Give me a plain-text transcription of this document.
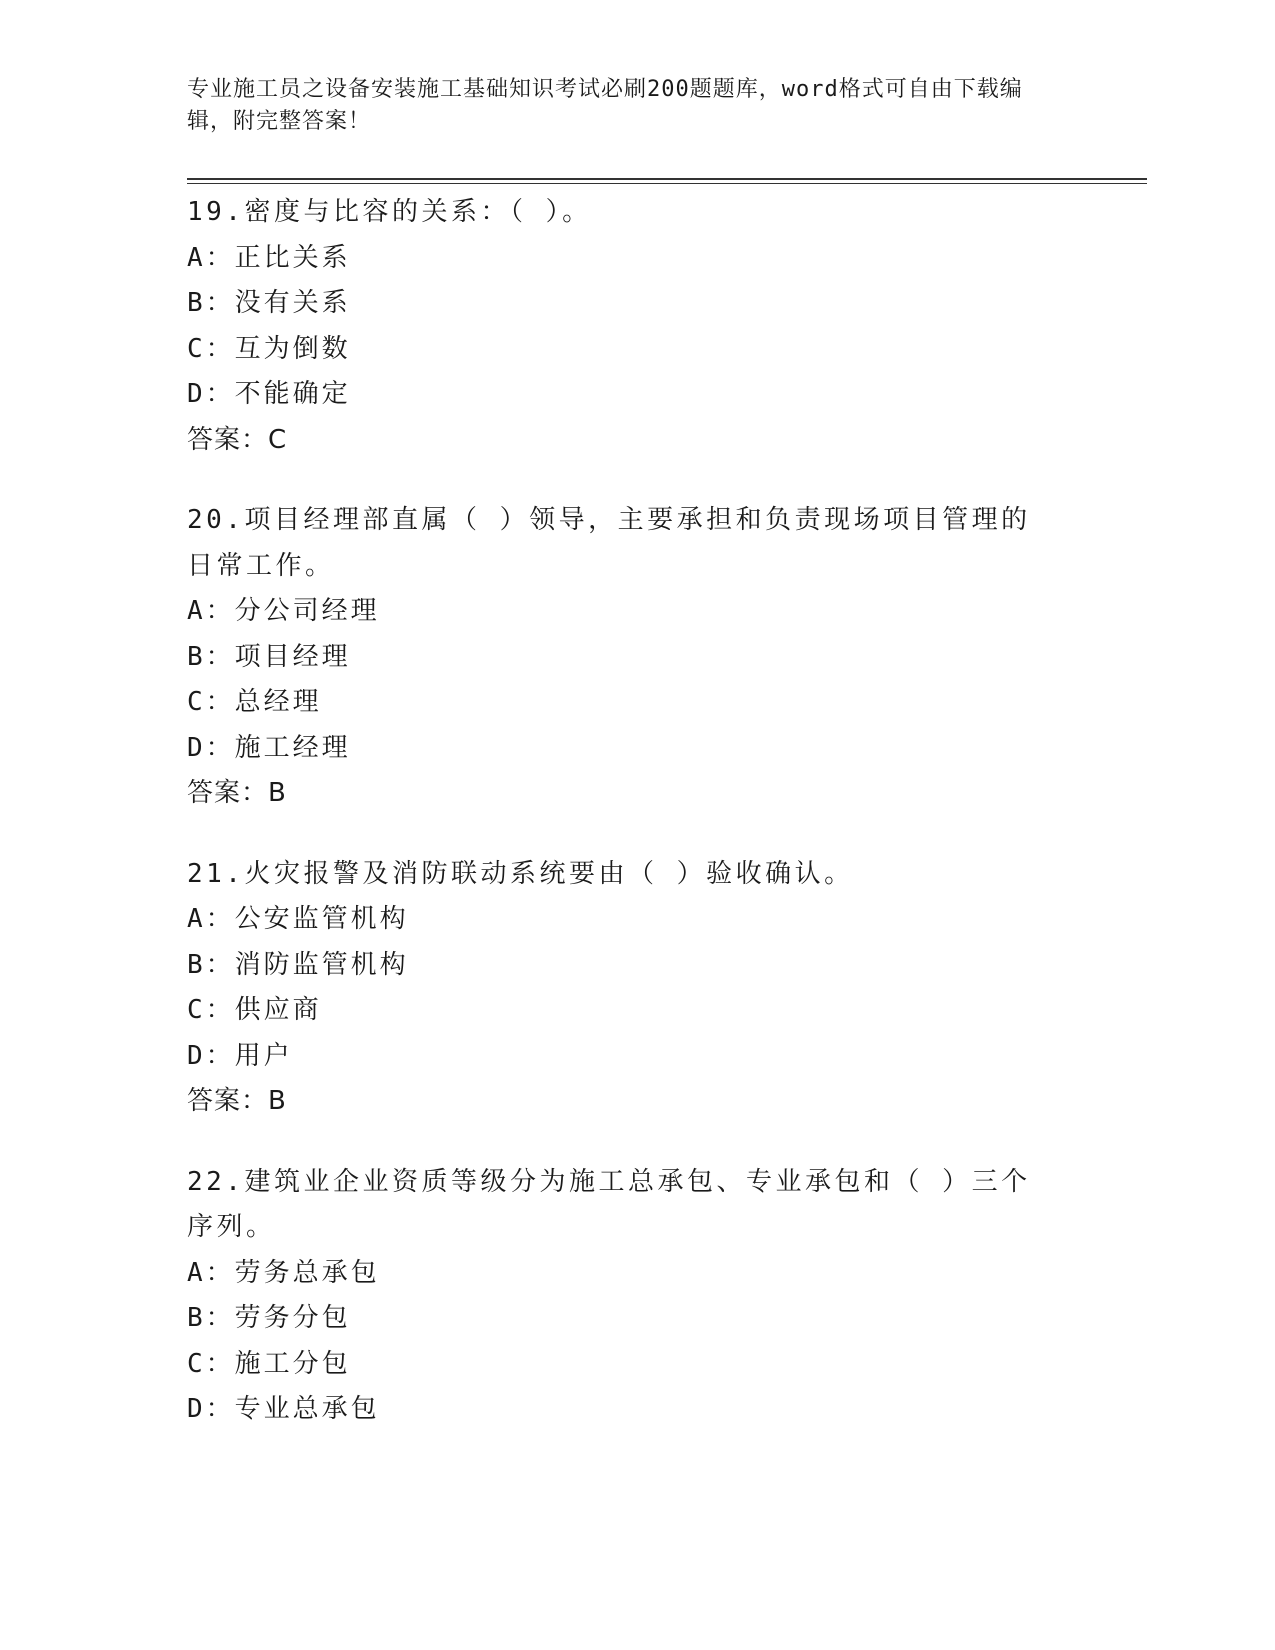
专业施工员之设备安装施工基础知识考试必刷200题题库，word格式可自由下载编辑，附完整答案！
19.密度与比容的关系：（ ）。
A：正比关系
B：没有关系
C：互为倒数
D：不能确定
答案：C
20.项目经理部直属（ ）领导，主要承担和负责现场项目管理的日常工作。
A：分公司经理
B：项目经理
C：总经理
D：施工经理
答案：B
21.火灾报警及消防联动系统要由（ ）验收确认。
A：公安监管机构
B：消防监管机构
C：供应商
D：用户
答案：B
22.建筑业企业资质等级分为施工总承包、专业承包和（ ）三个序列。
A：劳务总承包
B：劳务分包
C：施工分包
D：专业总承包
